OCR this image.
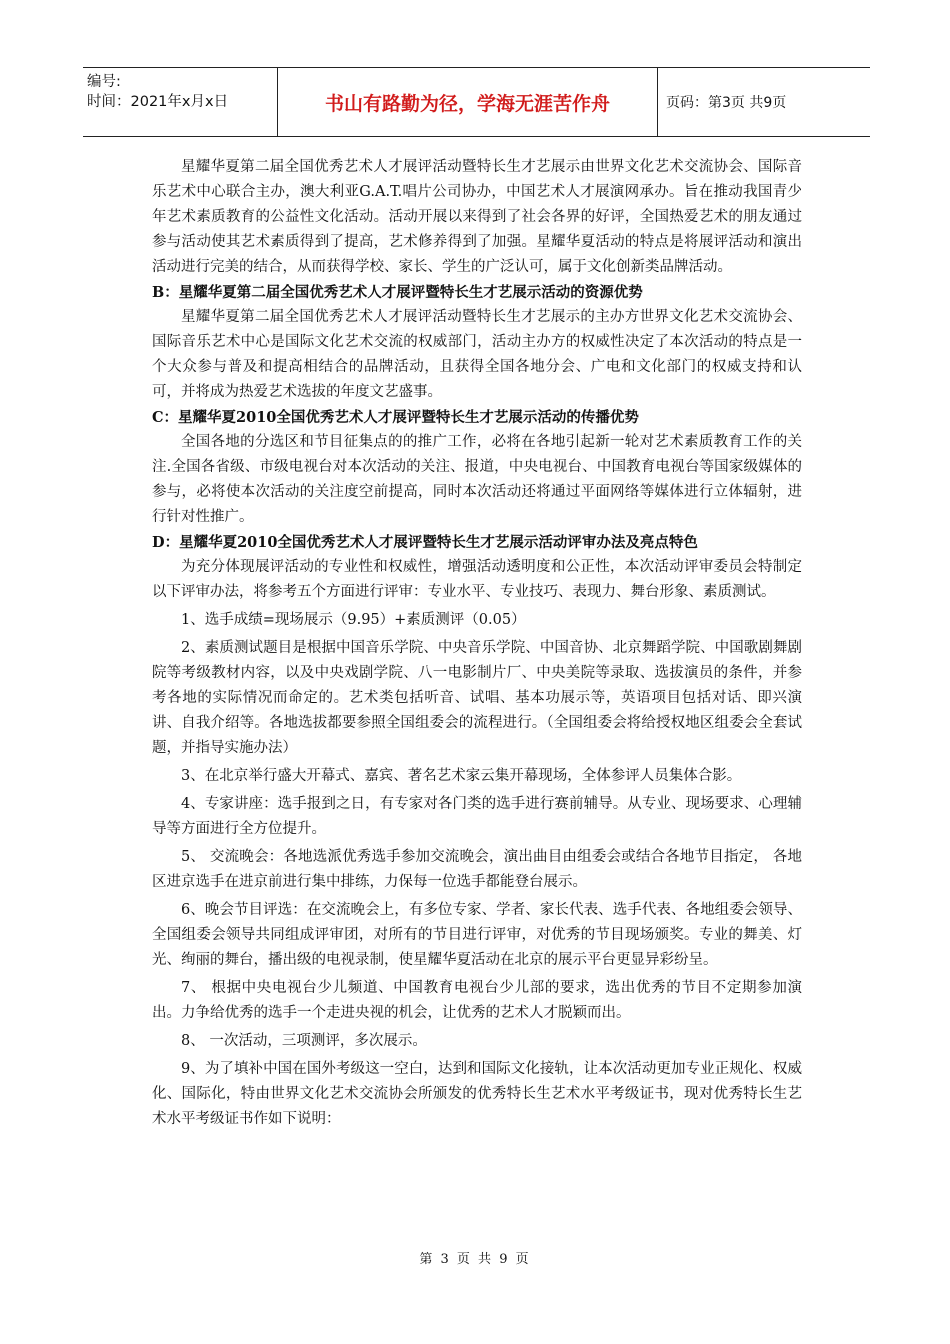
编号:
时间：2021年x月x日	书山有路勤为径，学海无涯苦作舟	页码：第3页 共9页

星耀华夏第二届全国优秀艺术人才展评活动暨特长生才艺展示由世界文化艺术交流协会、国际音乐艺术中心联合主办，澳大利亚G.A.T.唱片公司协办，中国艺术人才展演网承办。旨在推动我国青少年艺术素质教育的公益性文化活动。活动开展以来得到了社会各界的好评，全国热爱艺术的朋友通过参与活动使其艺术素质得到了提高，艺术修养得到了加强。星耀华夏活动的特点是将展评活动和演出活动进行完美的结合，从而获得学校、家长、学生的广泛认可，属于文化创新类品牌活动。

B：星耀华夏第二届全国优秀艺术人才展评暨特长生才艺展示活动的资源优势

星耀华夏第二届全国优秀艺术人才展评活动暨特长生才艺展示的主办方世界文化艺术交流协会、国际音乐艺术中心是国际文化艺术交流的权威部门，活动主办方的权威性决定了本次活动的特点是一个大众参与普及和提高相结合的品牌活动，且获得全国各地分会、广电和文化部门的权威支持和认可，并将成为热爱艺术选拔的年度文艺盛事。

C：星耀华夏2010全国优秀艺术人才展评暨特长生才艺展示活动的传播优势

全国各地的分选区和节目征集点的的推广工作，必将在各地引起新一轮对艺术素质教育工作的关注.全国各省级、市级电视台对本次活动的关注、报道，中央电视台、中国教育电视台等国家级媒体的参与，必将使本次活动的关注度空前提高，同时本次活动还将通过平面网络等媒体进行立体辐射，进行针对性推广。

D：星耀华夏2010全国优秀艺术人才展评暨特长生才艺展示活动评审办法及亮点特色

为充分体现展评活动的专业性和权威性，增强活动透明度和公正性，本次活动评审委员会特制定以下评审办法，将参考五个方面进行评审：专业水平、专业技巧、表现力、舞台形象、素质测试。

1、选手成绩=现场展示（9.95）+素质测评（0.05）

2、素质测试题目是根据中国音乐学院、中央音乐学院、中国音协、北京舞蹈学院、中国歌剧舞剧院等考级教材内容，以及中央戏剧学院、八一电影制片厂、中央美院等录取、选拔演员的条件，并参考各地的实际情况而命定的。艺术类包括听音、试唱、基本功展示等，英语项目包括对话、即兴演讲、自我介绍等。各地选拔都要参照全国组委会的流程进行。（全国组委会将给授权地区组委会全套试题，并指导实施办法）

3、在北京举行盛大开幕式、嘉宾、著名艺术家云集开幕现场，全体参评人员集体合影。

4、专家讲座：选手报到之日，有专家对各门类的选手进行赛前辅导。从专业、现场要求、心理辅导等方面进行全方位提升。

5、 交流晚会：各地选派优秀选手参加交流晚会，演出曲目由组委会或结合各地节目指定， 各地区进京选手在进京前进行集中排练，力保每一位选手都能登台展示。

6、晚会节目评选：在交流晚会上，有多位专家、学者、家长代表、选手代表、各地组委会领导、全国组委会领导共同组成评审团，对所有的节目进行评审，对优秀的节目现场颁奖。专业的舞美、灯光、绚丽的舞台，播出级的电视录制，使星耀华夏活动在北京的展示平台更显异彩纷呈。

7、 根据中央电视台少儿频道、中国教育电视台少儿部的要求，选出优秀的节目不定期参加演出。力争给优秀的选手一个走进央视的机会，让优秀的艺术人才脱颖而出。

8、 一次活动，三项测评，多次展示。

9、为了填补中国在国外考级这一空白，达到和国际文化接轨，让本次活动更加专业正规化、权威化、国际化，特由世界文化艺术交流协会所颁发的优秀特长生艺术水平考级证书，现对优秀特长生艺术水平考级证书作如下说明：

第 3 页 共 9 页
